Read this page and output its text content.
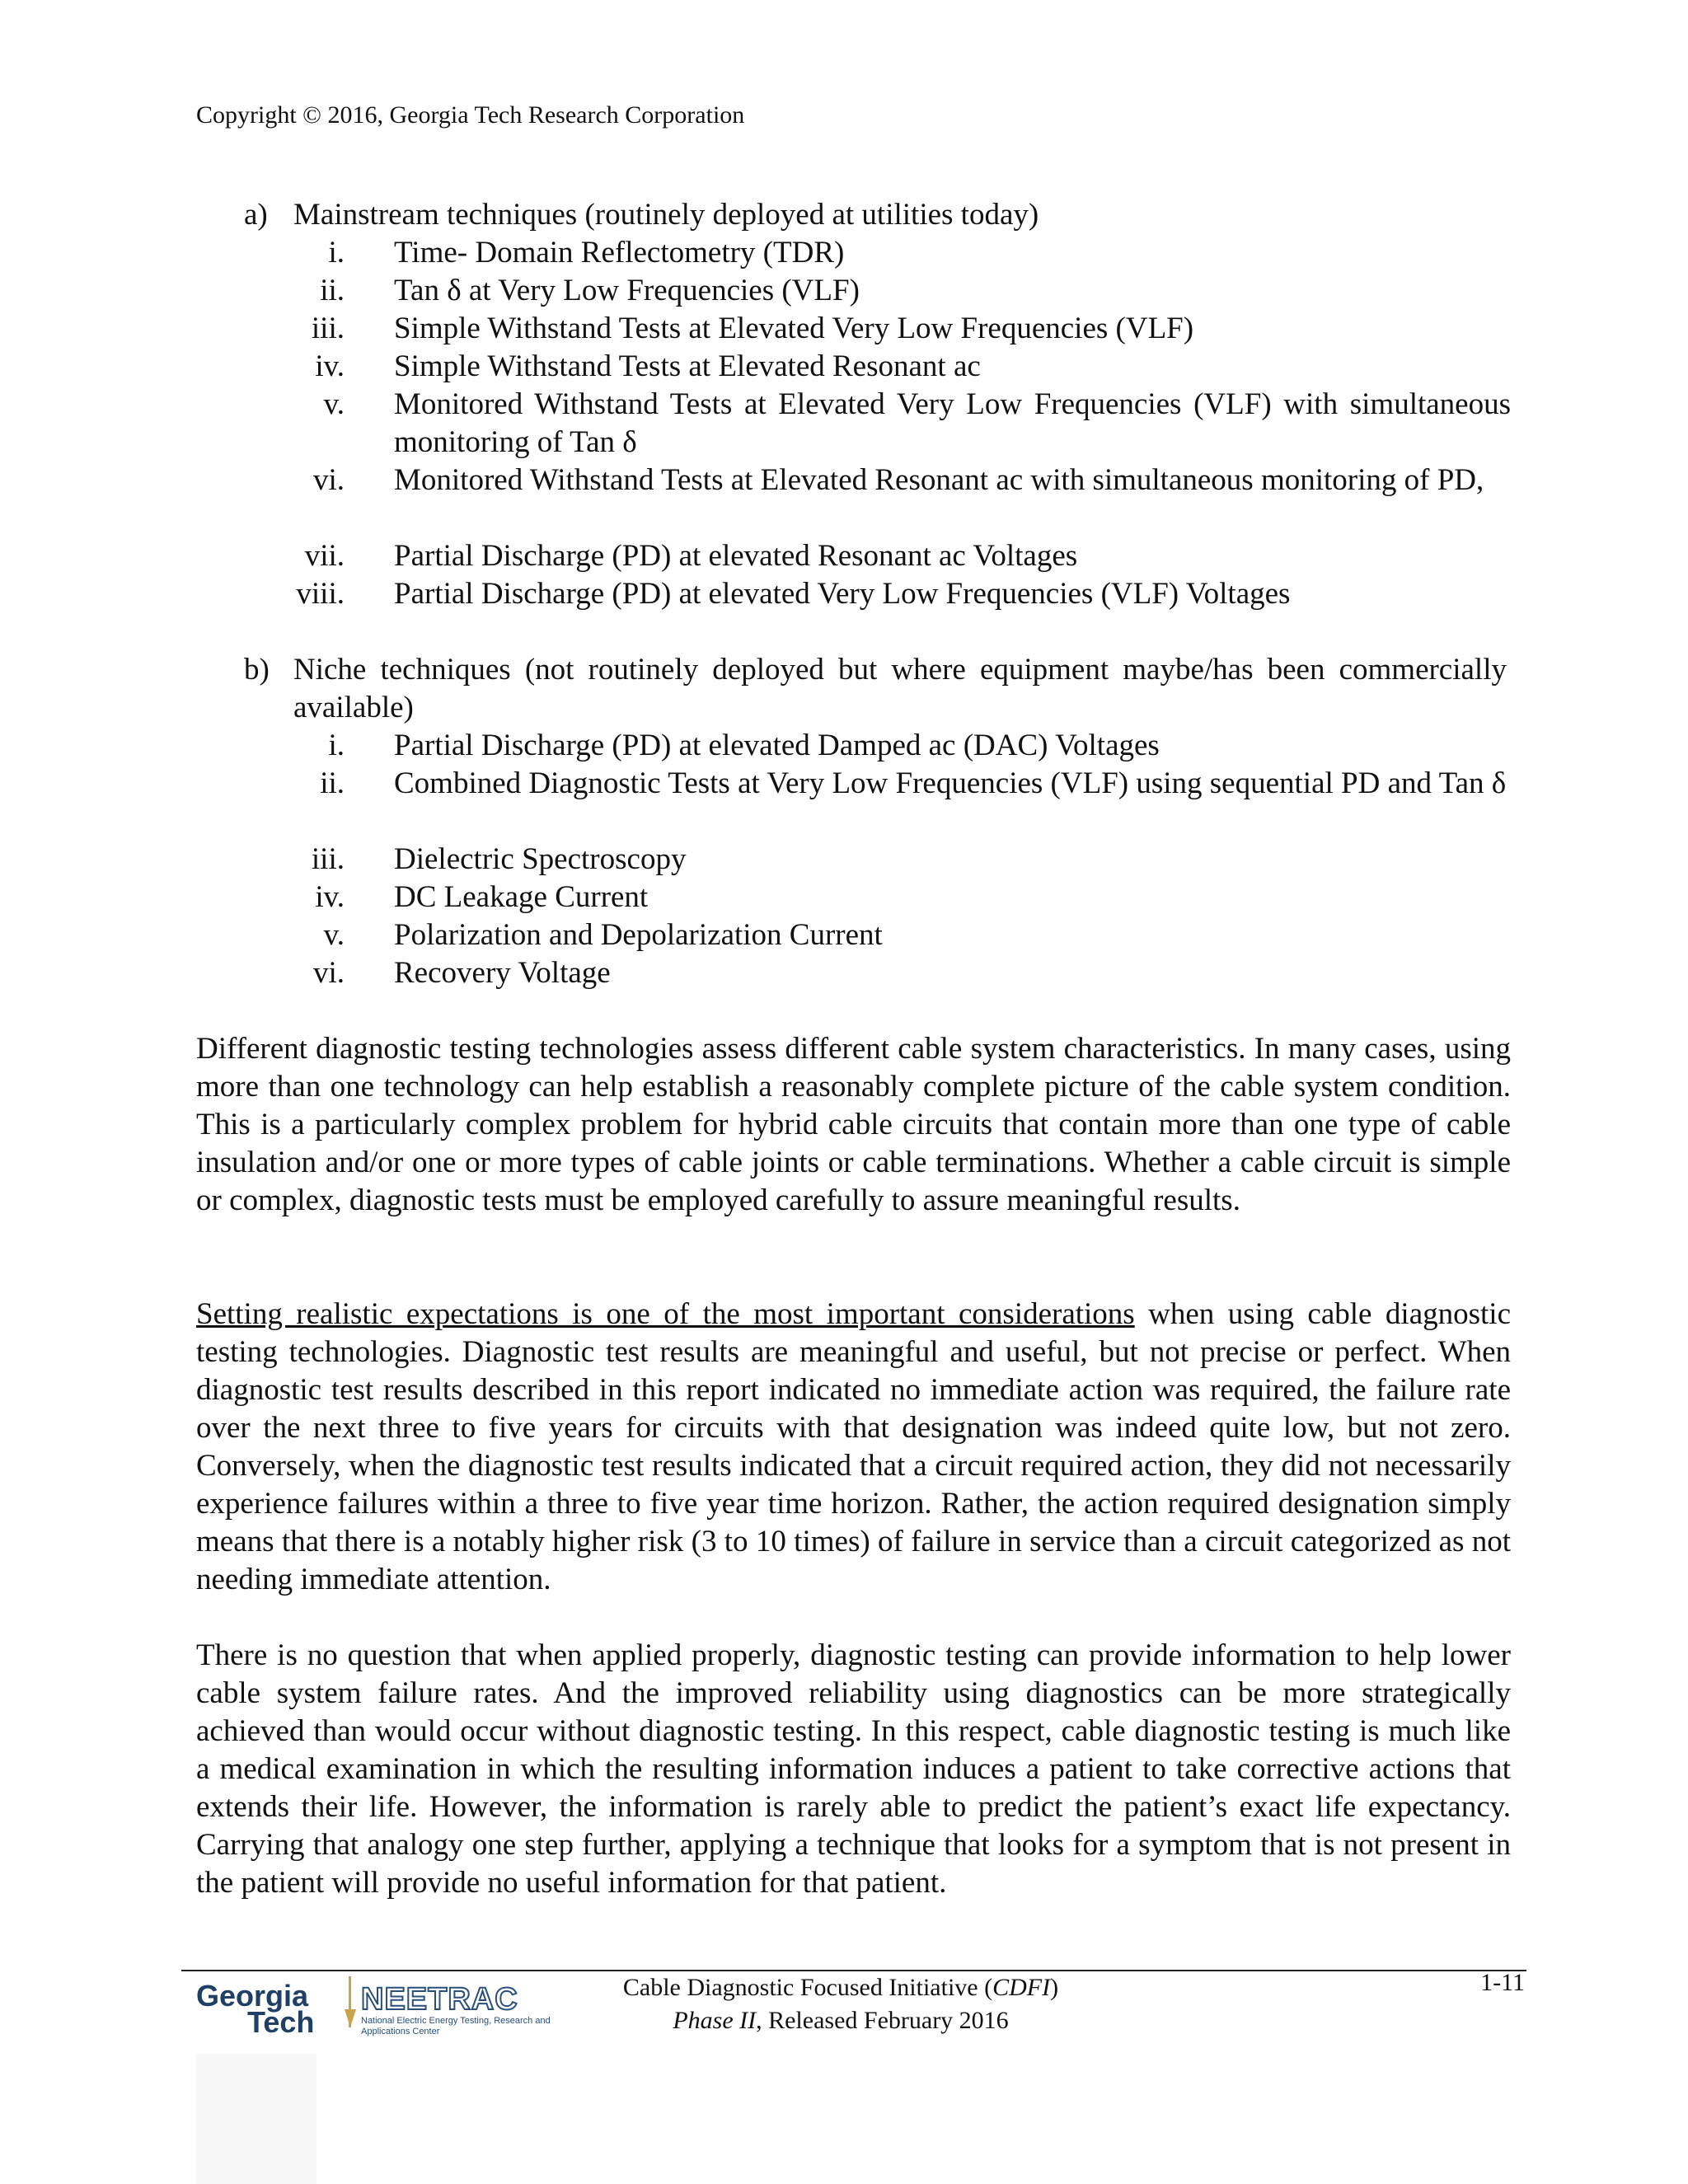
Copyright © 2016, Georgia Tech Research Corporation
a) Mainstream techniques (routinely deployed at utilities today)
i. Time- Domain Reflectometry (TDR)
ii. Tan δ at Very Low Frequencies (VLF)
iii. Simple Withstand Tests at Elevated Very Low Frequencies (VLF)
iv. Simple Withstand Tests at Elevated Resonant ac
v. Monitored Withstand Tests at Elevated Very Low Frequencies (VLF) with simultaneous monitoring of Tan δ
vi. Monitored Withstand Tests at Elevated Resonant ac with simultaneous monitoring of PD,
vii. Partial Discharge (PD) at elevated Resonant ac Voltages
viii. Partial Discharge (PD) at elevated Very Low Frequencies (VLF) Voltages
b) Niche techniques (not routinely deployed but where equipment maybe/has been commercially available)
i. Partial Discharge (PD) at elevated Damped ac (DAC) Voltages
ii. Combined Diagnostic Tests at Very Low Frequencies (VLF) using sequential PD and Tan δ
iii. Dielectric Spectroscopy
iv. DC Leakage Current
v. Polarization and Depolarization Current
vi. Recovery Voltage

Different diagnostic testing technologies assess different cable system characteristics. In many cases, using more than one technology can help establish a reasonably complete picture of the cable system condition. This is a particularly complex problem for hybrid cable circuits that contain more than one type of cable insulation and/or one or more types of cable joints or cable terminations. Whether a cable circuit is simple or complex, diagnostic tests must be employed carefully to assure meaningful results.

Setting realistic expectations is one of the most important considerations when using cable diagnostic testing technologies. Diagnostic test results are meaningful and useful, but not precise or perfect. When diagnostic test results described in this report indicated no immediate action was required, the failure rate over the next three to five years for circuits with that designation was indeed quite low, but not zero. Conversely, when the diagnostic test results indicated that a circuit required action, they did not necessarily experience failures within a three to five year time horizon. Rather, the action required designation simply means that there is a notably higher risk (3 to 10 times) of failure in service than a circuit categorized as not needing immediate attention.

There is no question that when applied properly, diagnostic testing can provide information to help lower cable system failure rates. And the improved reliability using diagnostics can be more strategically achieved than would occur without diagnostic testing. In this respect, cable diagnostic testing is much like a medical examination in which the resulting information induces a patient to take corrective actions that extends their life. However, the information is rarely able to predict the patient’s exact life expectancy. Carrying that analogy one step further, applying a technique that looks for a symptom that is not present in the patient will provide no useful information for that patient.

Georgia
Tech
NEETRAC
National Electric Energy Testing, Research and Applications Center
Cable Diagnostic Focused Initiative (CDFI)
Phase II, Released February 2016
1-11
